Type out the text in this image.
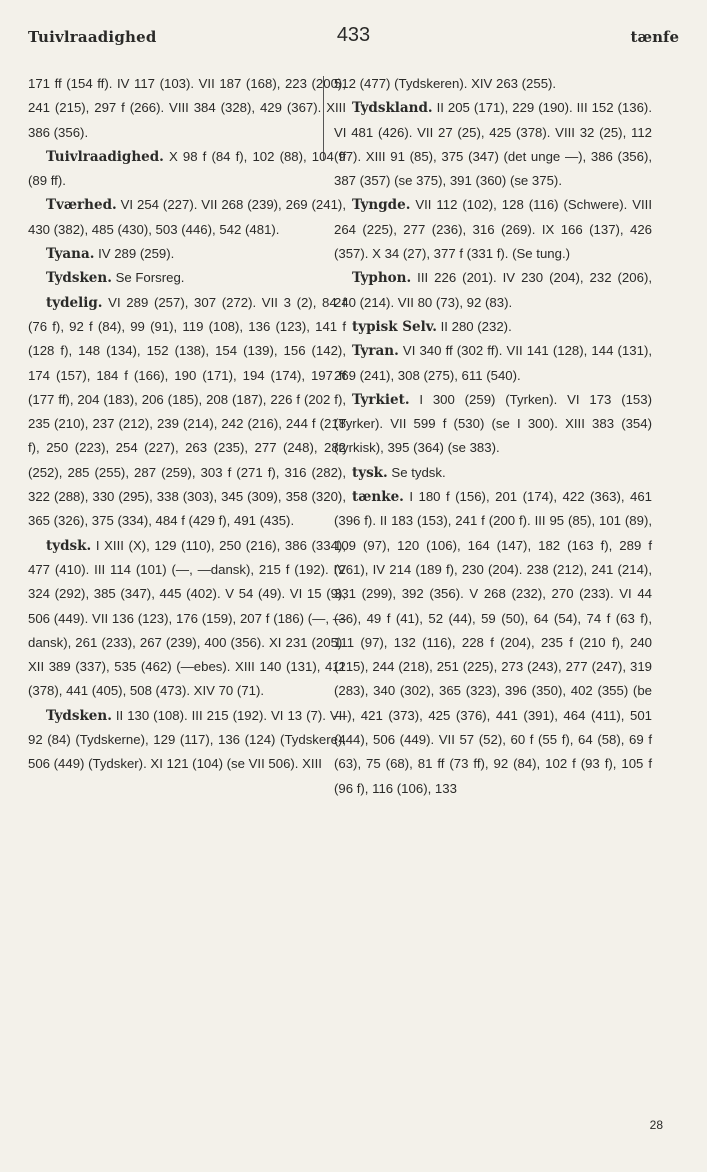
Tuivlraadighed	433	tænfe

171 ff (154 ff). IV 117 (103). VII 187 (168), 223 (200), 241 (215), 297 f (266). VIII 384 (328), 429 (367). XIII 386 (356).

Tuivlraadighed. X 98 f (84 f), 102 (88), 104 ff (89 ff).

Tværhed. VI 254 (227). VII 268 (239), 269 (241), 430 (382), 485 (430), 503 (446), 542 (481).

Tyana. IV 289 (259).

Tydsken. Se Forsreg.

tydelig. VI 289 (257), 307 (272). VII 3 (2), 84 f (76 f), 92 f (84), 99 (91), 119 (108), 136 (123), 141 f (128 f), 148 (134), 152 (138), 154 (139), 156 (142), 174 (157), 184 f (166), 190 (171), 194 (174), 197 ff (177 ff), 204 (183), 206 (185), 208 (187), 226 f (202 f), 235 (210), 237 (212), 239 (214), 242 (216), 244 f (218 f), 250 (223), 254 (227), 263 (235), 277 (248), 282 (252), 285 (255), 287 (259), 303 f (271 f), 316 (282), 322 (288), 330 (295), 338 (303), 345 (309), 358 (320), 365 (326), 375 (334), 484 f (429 f), 491 (435).

tydsk. I XIII (X), 129 (110), 250 (216), 386 (334), 477 (410). III 114 (101) (—, —dansk), 215 f (192). IV 324 (292), 385 (347), 445 (402). V 54 (49). VI 15 (9), 506 (449). VII 136 (123), 176 (159), 207 f (186) (—, —dansk), 261 (233), 267 (239), 400 (356). XI 231 (205). XII 389 (337), 535 (462) (—ebes). XIII 140 (131), 411 (378), 441 (405), 508 (473). XIV 70 (71).

Tydsken. II 130 (108). III 215 (192). VI 13 (7). VII 92 (84) (Tydskerne), 129 (117), 136 (124) (Tydskere), 506 (449) (Tydsker). XI 121 (104) (se VII 506). XIII

512 (477) (Tydskeren). XIV 263 (255).

Tydskland. II 205 (171), 229 (190). III 152 (136). VI 481 (426). VII 27 (25), 425 (378). VIII 32 (25), 112 (97). XIII 91 (85), 375 (347) (det unge —), 386 (356), 387 (357) (se 375), 391 (360) (se 375).

Tyngde. VII 112 (102), 128 (116) (Schwere). VIII 264 (225), 277 (236), 316 (269). IX 166 (137), 426 (357). X 34 (27), 377 f (331 f). (Se tung.)

Typhon. III 226 (201). IV 230 (204), 232 (206), 240 (214). VII 80 (73), 92 (83).

typisk Selv. II 280 (232).

Tyran. VI 340 ff (302 ff). VII 141 (128), 144 (131), 269 (241), 308 (275), 611 (540).

Tyrkiet. I 300 (259) (Tyrken). VI 173 (153) (Tyrker). VII 599 f (530) (se I 300). XIII 383 (354) (tyrkisk), 395 (364) (se 383).

tysk. Se tydsk.

tænke. I 180 f (156), 201 (174), 422 (363), 461 (396 f). II 183 (153), 241 f (200 f). III 95 (85), 101 (89), 109 (97), 120 (106), 164 (147), 182 (163 f), 289 f (261), IV 214 (189 f), 230 (204). 238 (212), 241 (214), 331 (299), 392 (356). V 268 (232), 270 (233). VI 44 (36), 49 f (41), 52 (44), 59 (50), 64 (54), 74 f (63 f), 111 (97), 132 (116), 228 f (204), 235 f (210 f), 240 (215), 244 (218), 251 (225), 273 (243), 277 (247), 319 (283), 340 (302), 365 (323), 396 (350), 402 (355) (be—), 421 (373), 425 (376), 441 (391), 464 (411), 501 (444), 506 (449). VII 57 (52), 60 f (55 f), 64 (58), 69 f (63), 75 (68), 81 ff (73 ff), 92 (84), 102 f (93 f), 105 f (96 f), 116 (106), 133

28
